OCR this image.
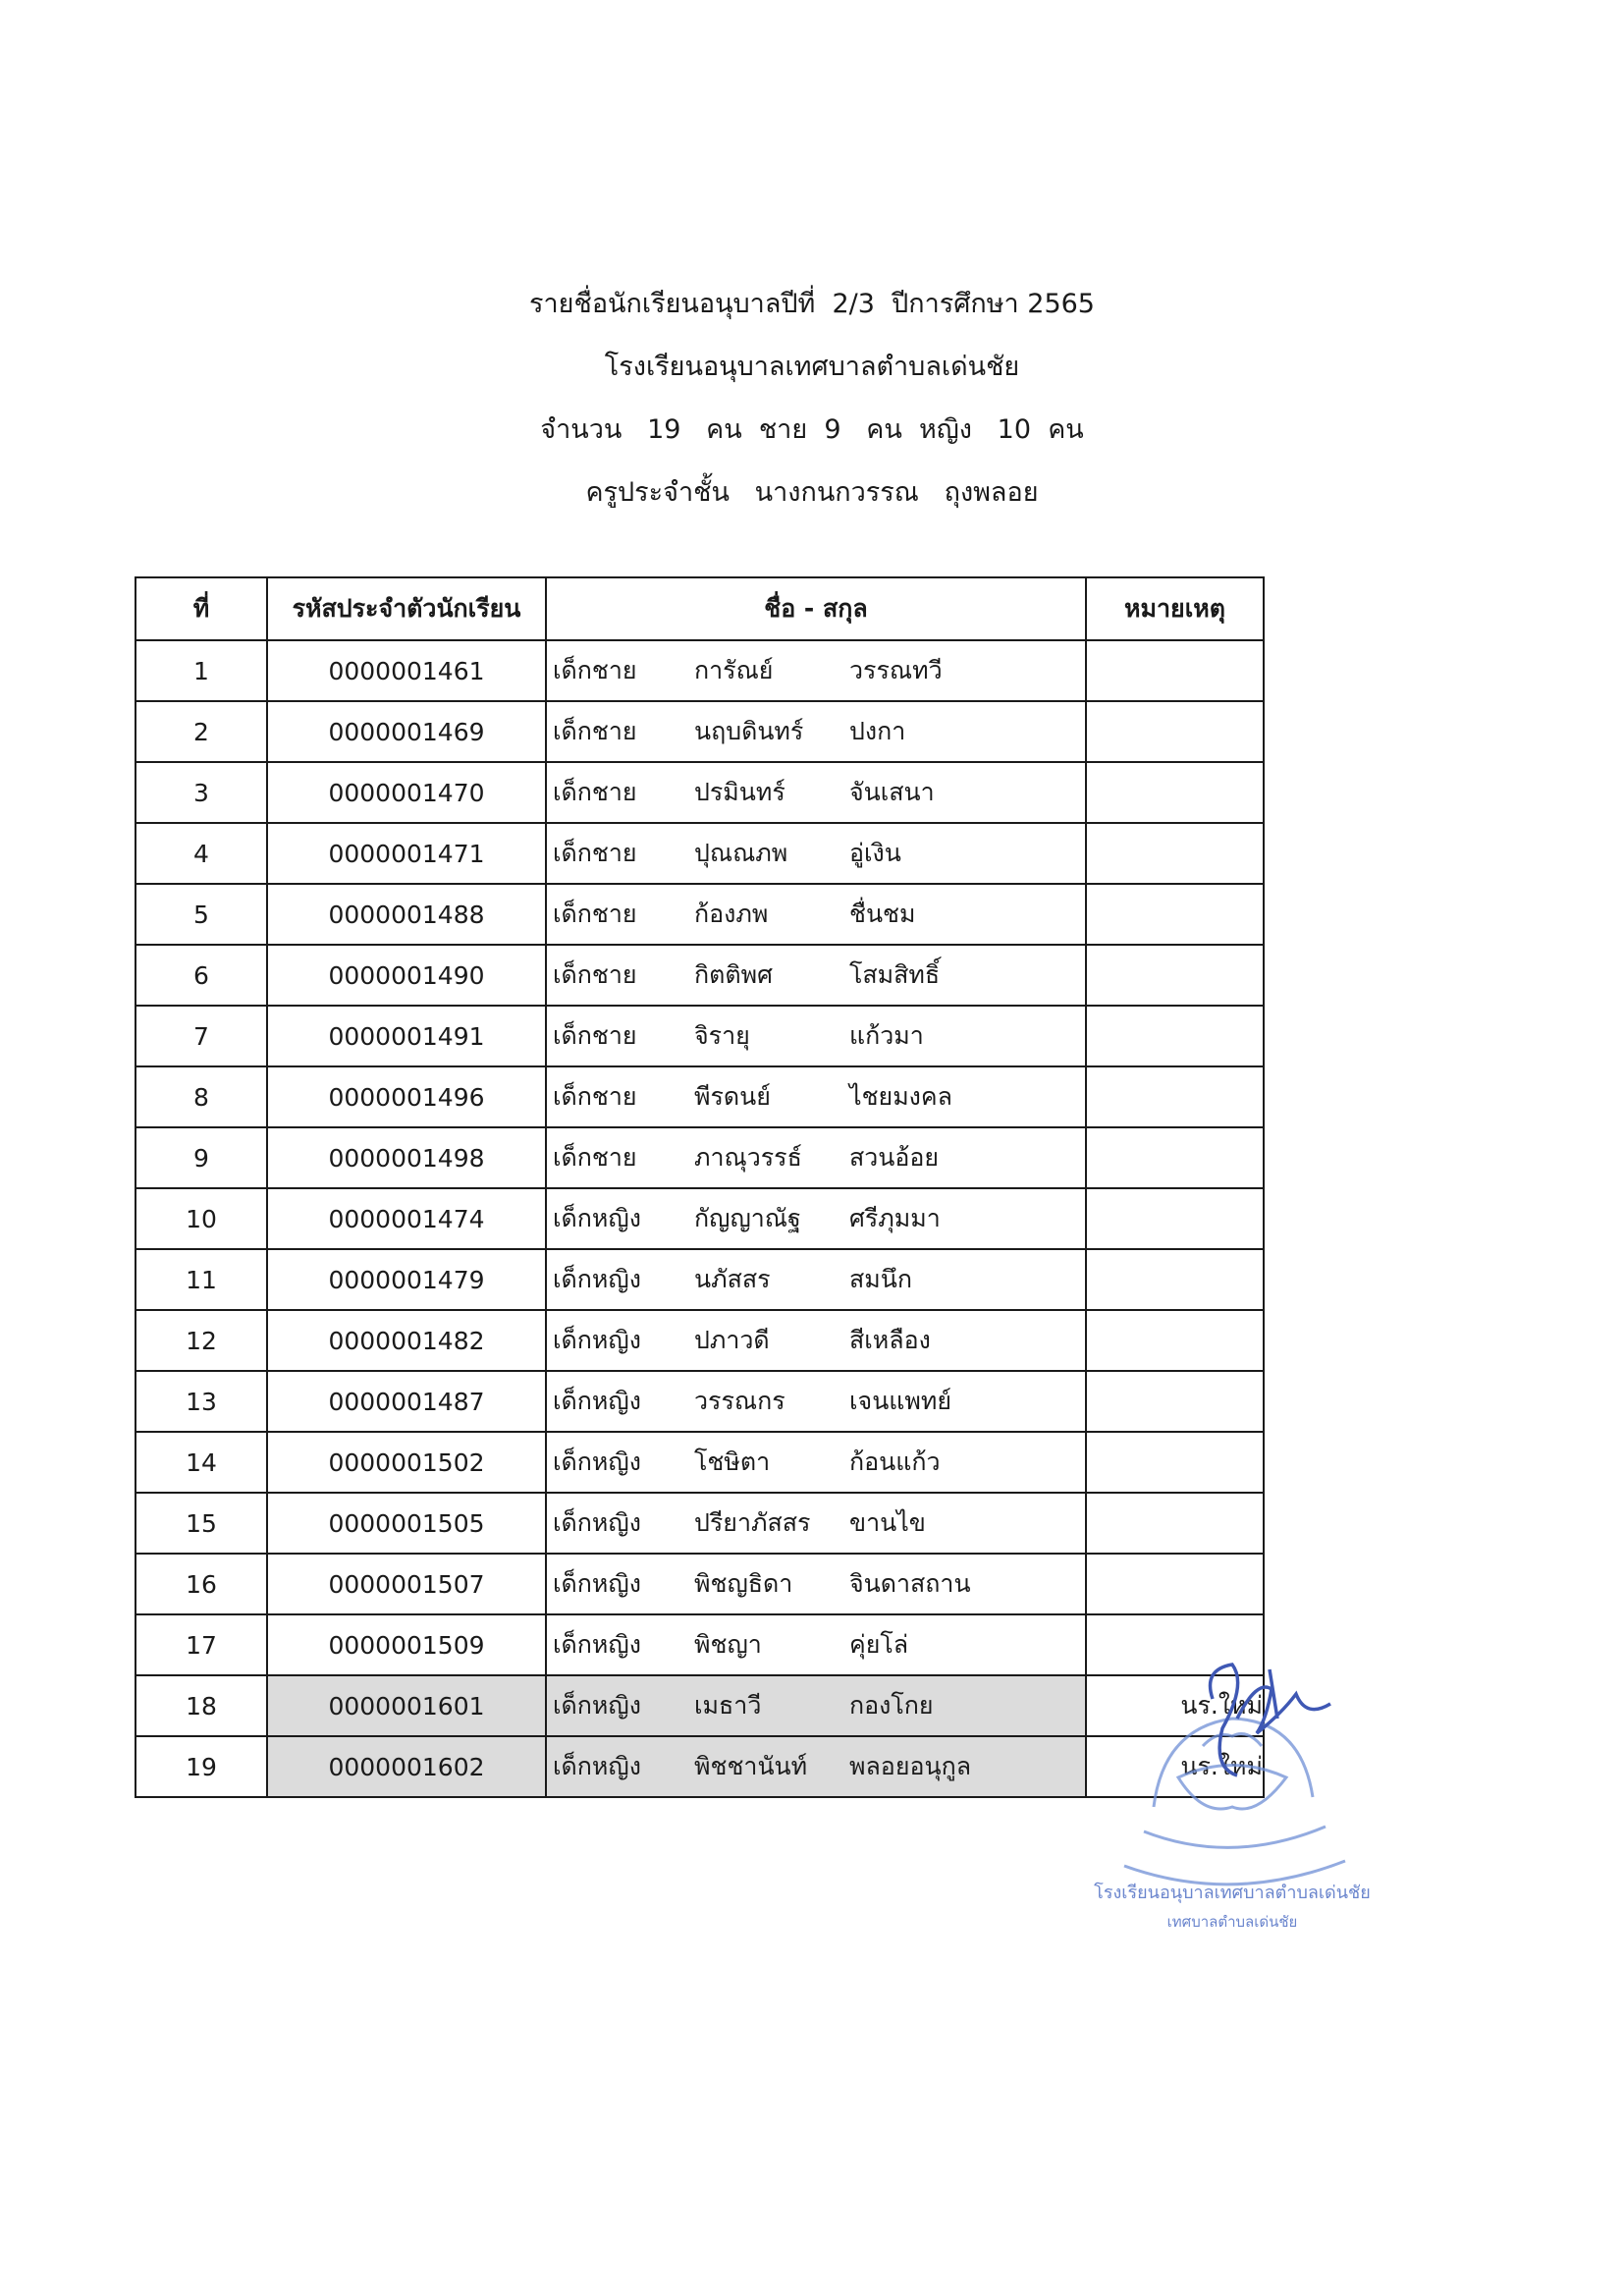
รายชื่อนักเรียนอนุบาลปีที่  2/3  ปีการศึกษา 2565
โรงเรียนอนุบาลเทศบาลตำบลเด่นชัย
จำนวน   19   คน  ชาย  9   คน  หญิง   10  คน
ครูประจำชั้น   นางกนกวรรณ   ถุงพลอย
ที่	รหัสประจำตัวนักเรียน	ชื่อ - สกุล	หมายเหตุ
1	0000001461	เด็กชาย การัณย์ วรรณทวี	

2	0000001469	เด็กชาย นฤบดินทร์ ปงกา	

3	0000001470	เด็กชาย ปรมินทร์ จันเสนา	

4	0000001471	เด็กชาย ปุณณภพ อู่เงิน	

5	0000001488	เด็กชาย ก้องภพ ชื่นชม	

6	0000001490	เด็กชาย กิตติพศ โสมสิทธิ์	

7	0000001491	เด็กชาย จิรายุ แก้วมา	

8	0000001496	เด็กชาย พีรดนย์ ไชยมงคล	

9	0000001498	เด็กชาย ภาณุวรรธ์ สวนอ้อย	

10	0000001474	เด็กหญิง กัญญาณัฐ ศรีภุมมา	

11	0000001479	เด็กหญิง นภัสสร สมนึก	

12	0000001482	เด็กหญิง ปภาวดี สีเหลือง	

13	0000001487	เด็กหญิง วรรณกร เจนแพทย์	

14	0000001502	เด็กหญิง โชษิตา ก้อนแก้ว	

15	0000001505	เด็กหญิง ปรียาภัสสร ขานไข	

16	0000001507	เด็กหญิง พิชญธิดา จินดาสถาน	

17	0000001509	เด็กหญิง พิชญา คุ่ยโล่	

18	0000001601	เด็กหญิง เมธาวี กองโกย	นร.ใหม่
19	0000001602	เด็กหญิง พิชชานันท์ พลอยอนุกูล	นร.ใหม่
โรงเรียนอนุบาลเทศบาลตำบลเด่นชัย
เทศบาลตำบลเด่นชัย
